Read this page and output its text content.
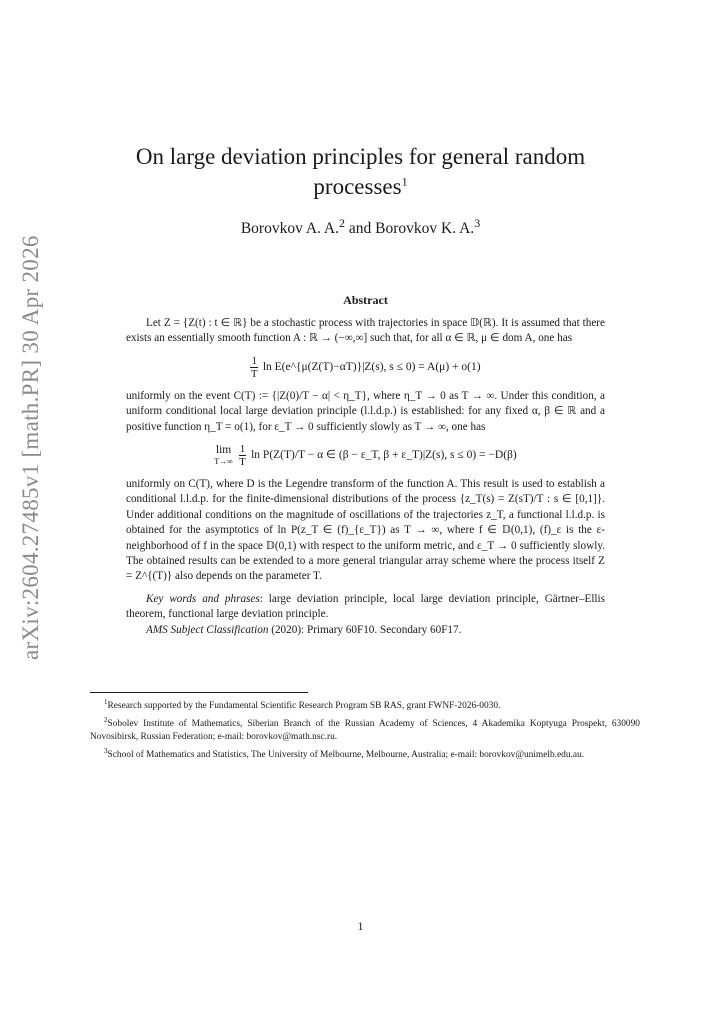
arXiv:2604.27485v1 [math.PR] 30 Apr 2026
On large deviation principles for general random
processes$^1$
Borovkov A. A.$^2$ and Borovkov K. A.$^3$
Abstract

Let Z = {Z(t) : t ∈ ℝ} be a stochastic process with trajectories in space 𝔻(ℝ). It is assumed that there exists an essentially smooth function A : ℝ → (−∞,∞] such that, for all α ∈ ℝ, μ ∈ dom A, one has

$\frac{1}{T}$ ln E(e^{μ(Z(T)−αT)}|Z(s), s ≤ 0) = A(μ) + o(1)

uniformly on the event C(T) := {|Z(0)/T − α| < η_T}, where η_T → 0 as T → ∞. Under this condition, a uniform conditional local large deviation principle (l.l.d.p.) is established: for any fixed α, β ∈ ℝ and a positive function η_T = o(1), for ε_T → 0 sufficiently slowly as T → ∞, one has

lim
T→∞
$\frac{1}{T}$ ln P(Z(T)/T − α ∈ (β − ε_T, β + ε_T)|Z(s), s ≤ 0) = −D(β)

uniformly on C(T), where D is the Legendre transform of the function A. This result is used to establish a conditional l.l.d.p. for the finite-dimensional distributions of the process {z_T(s) = Z(sT)/T : s ∈ [0,1]}. Under additional conditions on the magnitude of oscillations of the trajectories z_T, a functional l.l.d.p. is obtained for the asymptotics of ln P(z_T ∈ (f)_{ε_T}) as T → ∞, where f ∈ 𝔻(0,1), (f)_ε is the ε-neighborhood of f in the space 𝔻(0,1) with respect to the uniform metric, and ε_T → 0 sufficiently slowly. The obtained results can be extended to a more general triangular array scheme where the process itself Z = Z^{(T)} also depends on the parameter T.

Key words and phrases: large deviation principle, local large deviation principle, Gärtner–Ellis theorem, functional large deviation principle.

AMS Subject Classification (2020): Primary 60F10. Secondary 60F17.

$^1$Research supported by the Fundamental Scientific Research Program SB RAS, grant FWNF-2026-0030.

$^2$Sobolev Institute of Mathematics, Siberian Branch of the Russian Academy of Sciences, 4 Akademika Koptyuga Prospekt, 630090 Novosibirsk, Russian Federation; e-mail: borovkov@math.nsc.ru.

$^3$School of Mathematics and Statistics, The University of Melbourne, Melbourne, Australia; e-mail: borovkov@unimelb.edu.au.

1
